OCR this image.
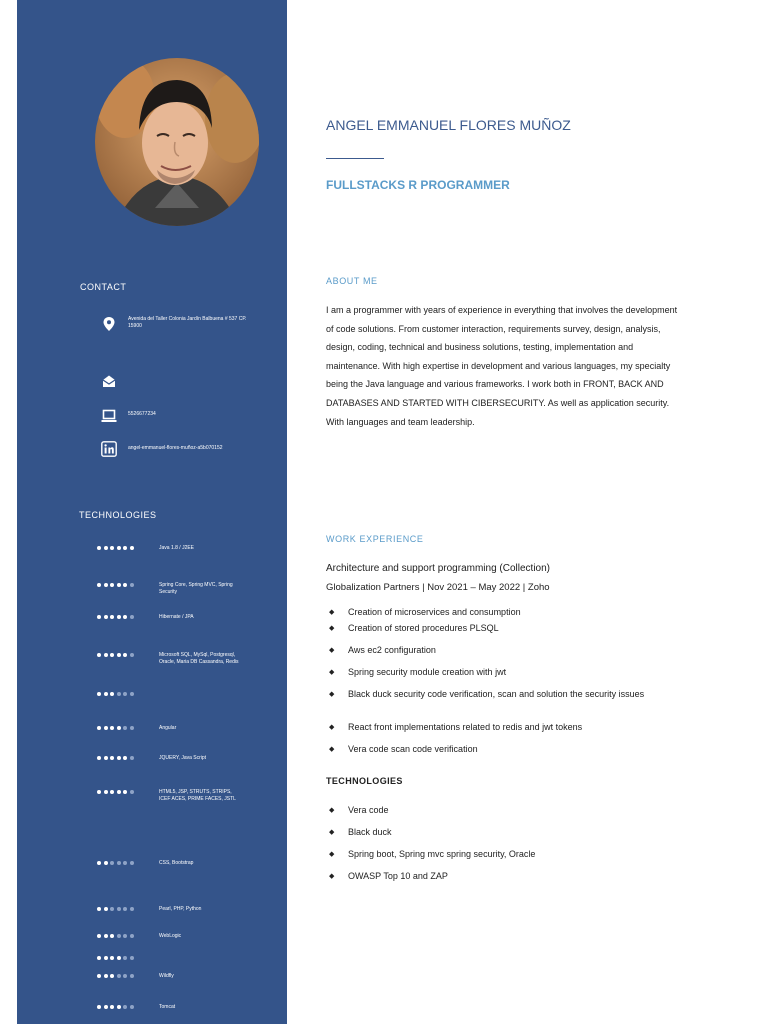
CONTACT
Avenida del Taller Colonia Jardín Balbuena # 537 CP. 15900
5526677234
angel-emmanuel-flores-muñoz-a5b070152
TECHNOLOGIES
Java 1.8 / J2EE
Spring Core, Spring MVC, Spring Security
Hibernate / JPA
Microsoft SQL, MySql, Postgresql, Oracle, Maria DB Cassandra, Redis
Angular
JQUERY, Java Script
HTML5, JSP, STRUTS, STRIPS, ICEF ACES, PRIME FACES, JSTL
CSS, Bootstrap
Pearl, PHP, Python
WebLogic
Wildfly
Tomcat
ANGEL EMMANUEL FLORES MUÑOZ
FULLSTACKS R PROGRAMMER
ABOUT ME
I am a programmer with years of experience in everything that involves the development of code solutions. From customer interaction, requirements survey, design, analysis, design, coding, technical and business solutions, testing, implementation and maintenance. With high expertise in development and various languages, my specialty being the Java language and various frameworks. I work both in FRONT, BACK AND DATABASES AND STARTED WITH CIBERSECURITY. As well as application security. With languages and team leadership.
WORK EXPERIENCE
Architecture and support programming (Collection)
Globalization Partners | Nov 2021 – May 2022 | Zoho
◆ Creation of microservices and consumption
◆ Creation of stored procedures PLSQL
◆ Aws ec2 configuration
◆ Spring security module creation with jwt
◆ Black duck security code verification, scan and solution the security issues
◆ React front implementations related to redis and jwt tokens
◆ Vera code scan code verification
TECHNOLOGIES
◆ Vera code
◆ Black duck
◆ Spring boot, Spring mvc spring security, Oracle
◆ OWASP Top 10 and ZAP
